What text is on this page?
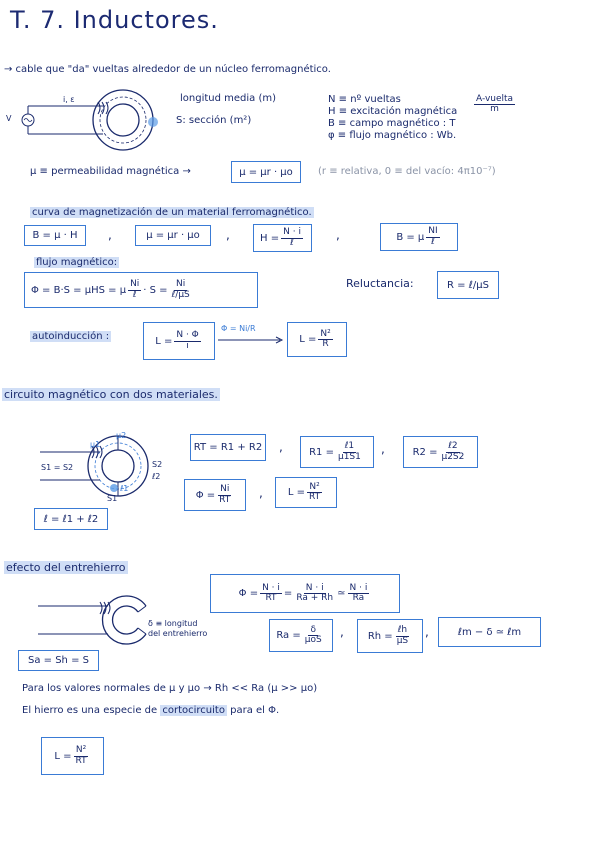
T. 7. Inductores.
→ cable que "da" vueltas alrededor de un núcleo ferromagnético.
i, ε
V
longitud media (m)
S: sección (m²)
N ≡ nº vueltas
H ≡ excitación magnética $\frac{\text{A-vuelta}}{m}$
B ≡ campo magnético : T
φ ≡ flujo magnético : Wb.
μ ≡ permeabilidad magnética →	μ = μr · μo	(r ≡ relativa, 0 ≡ del vacío: 4π10⁻⁷)
curva de magnetización de un material ferromagnético.
B = μ · H	,	μ = μr · μo	,	$H = \frac{N \cdot i}{\text{ℓ}}$	,	B = μ $\frac{NI}{\text{ℓ}}$
flujo magnético:
Φ = B·S = μHS = μ $\frac{Ni}{\text{ℓ}} \cdot S = \frac{Ni}{\text{ℓ/μS}}$	Reluctancia:	R = ℓ/μS
autoinducción :	$L = \frac{N \cdot \Phi}{i}$
Φ = Ni/R
$L = \frac{\text{N²}}{R}$
circuito magnético con dos materiales.
μ1
μ2
S1 = S2	S2
ℓ2
S1
ℓ1
ℓ = ℓ1 + ℓ2
RT = R1 + R2	,	$R1 = \frac{\text{ℓ1}}{\mu 1S1}$ ,	$R2 = \frac{\text{ℓ2}}{\mu 2S2}$
$\Phi = \frac{Ni}{RT}$ ,	$L = \frac{\text{N²}}{RT}$
efecto del entrehierro
$\Phi = \frac{N \cdot i}{RT} = \frac{N \cdot i}{Ra + Rh}$ ≃ $\frac{N \cdot i}{Ra}$
δ ≡ longitud
del entrehierro	$Ra = \frac{\delta}{\text{μoS}}$ , $Rh = \frac{\text{ℓh}}{\mu S}$ ,	ℓm − δ ≃ ℓm
Sa = Sh = S
Para los valores normales de μ y μo → Rh << Ra (μ >> μo)
El hierro es una especie de cortocircuito para el Φ.
$L = \frac{\text{N²}}{RT}$
